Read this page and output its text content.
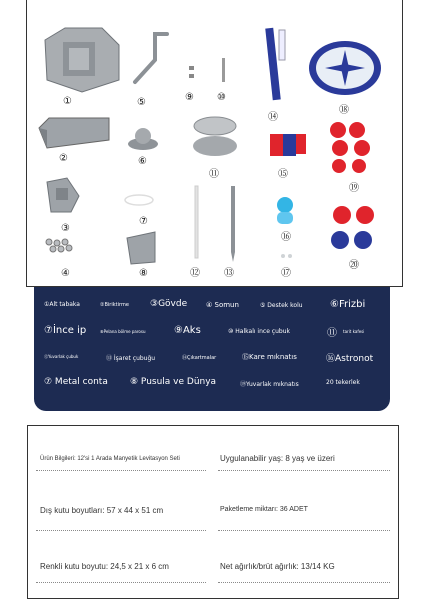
①
②
③
④
⑤
⑥
⑦
⑧
⑨ ⑩
⑪
⑫ ⑬
⑭
⑮
⑯
⑰
⑱
⑲
⑳
①Alt tabaka	②Biriktirme ③Gövde	④ Somun	⑤ Destek kolu	⑥Frizbi
⑦İnce ip	⑧Pelana bölme parosu	⑨Aks	⑩ Halkalı ince çubuk	⑪ tarit kafesi
⑫Yuvarlak çubuk	⑬ İşaret çubuğu	⑭Çıkartmalar	⑮Kare mıknatıs	⑯Astronot
⑦ Metal conta ⑧ Pusula ve Dünya	⑲Yuvarlak mıknatıs	20 tekerlek
Ürün Bilgileri: 12'si 1 Arada Manyetik Levitasyon Seti	Uygulanabilir yaş: 8 yaş ve üzeri
Dış kutu boyutları: 57 x 44 x 51 cm	Paketleme miktarı: 36 ADET
Renkli kutu boyutu: 24,5 x 21 x 6 cm	Net ağırlık/brüt ağırlık: 13/14 KG
